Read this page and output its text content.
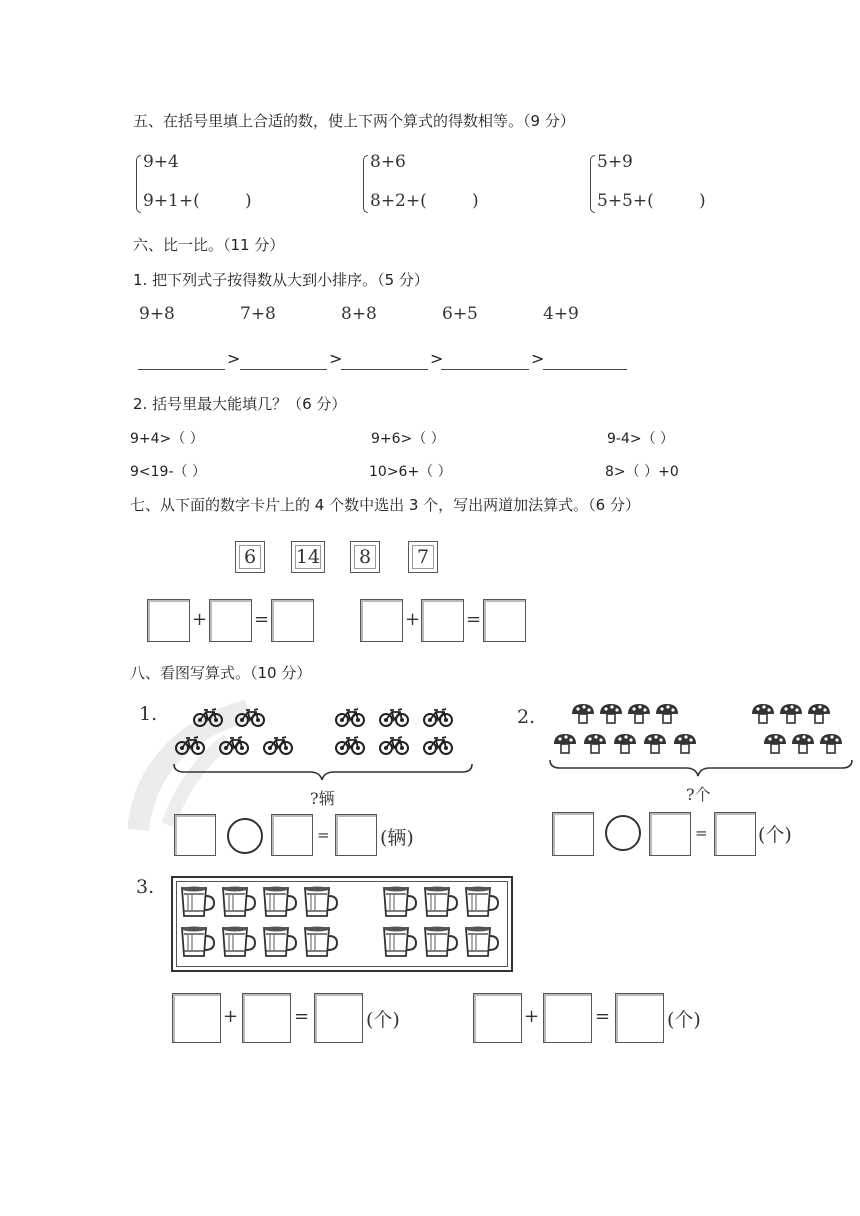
五、在括号里填上合适的数，使上下两个算式的得数相等。（9 分）
9+4
9+1+(	)
8+6
8+2+(	)
5+9
5+5+(	)
六、比一比。（11 分）
1. 把下列式子按得数从大到小排序。（5 分）
9+8	7+8	8+8	6+5	4+9
>	>	>	>
2. 括号里最大能填几？（6 分）
9+4>（ ）	9+6>（ ）	9-4>（ ）
9<19-（ ）	10>6+（ ）	8>（ ）+0
七、从下面的数字卡片上的 4 个数中选出 3 个，写出两道加法算式。（6 分）
6	14	8	7
+	=	+	=
八、看图写算式。（10 分）
1.
?辆
=	(辆)
2.
?个
=	(个)
3.
+	=	(个)	+	=	(个)
